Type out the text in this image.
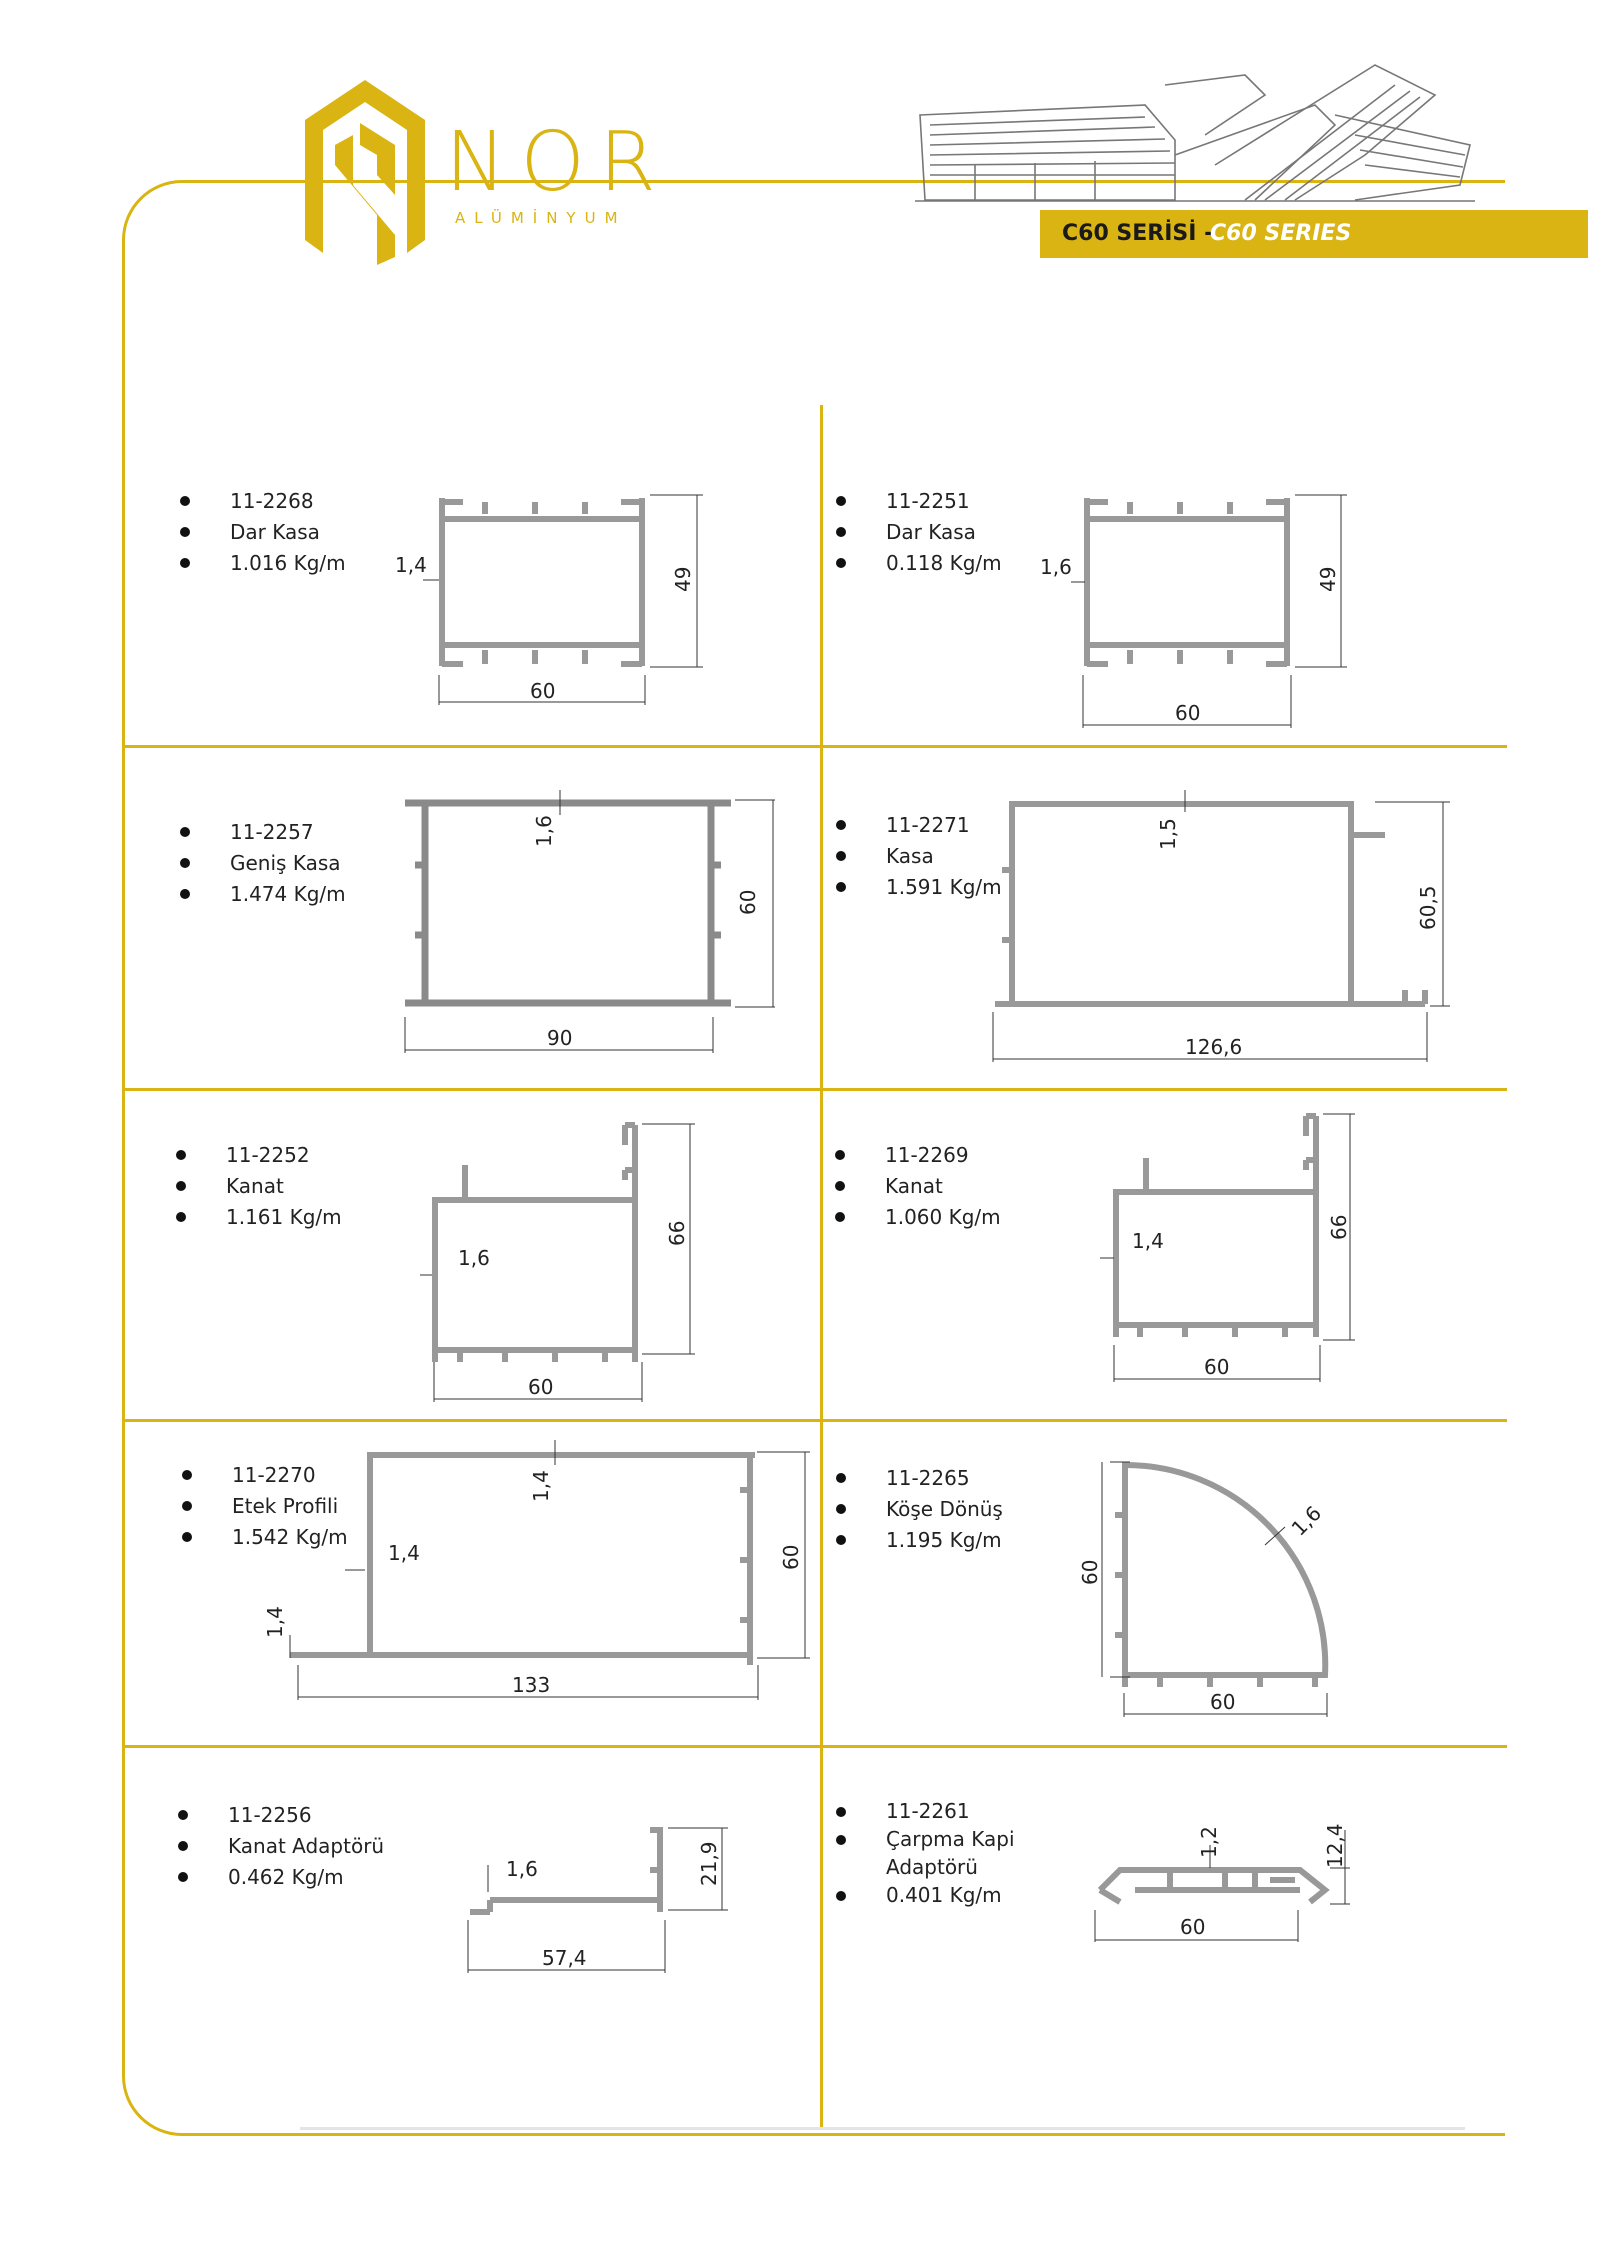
NOR
ALÜMİNYUM
C60 SERİSİ -
C60 SERIES
11-2268
Dar Kasa
1.016 Kg/m 1,4
49
60
11-2251
Dar Kasa
0.118 Kg/m 1,6	49
60
11-2257
Geniş Kasa
1.474 Kg/m
1,6
60
90
11-2271
Kasa
1.591 Kg/m
1,5
60,5
126,6
11-2252
Kanat
1.161 Kg/m
1,6
66
60
11-2269
Kanat
1.060 Kg/m
1,4
66
60
11-2270
Etek Profili
1.542 Kg/m
1,4
1,4
60
1,4
133
11-2265
Köşe Dönüş
1.195 Kg/m	1,6
60
60
11-2256
Kanat Adaptörü
0.462 Kg/m	1,6	21,9
57,4
11-2261
Çarpma Kapi
Adaptörü
0.401 Kg/m
1,2	12,4
60
